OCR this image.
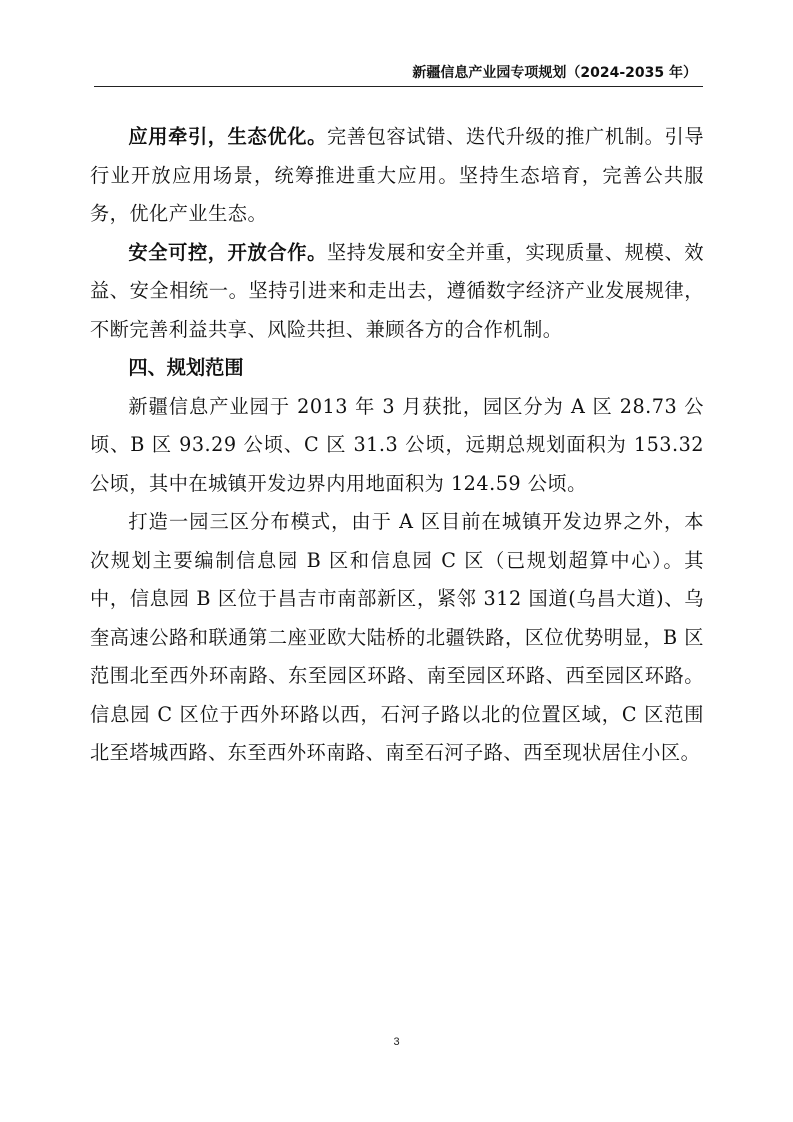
新疆信息产业园专项规划（2024-2035 年）

应用牵引，生态优化。完善包容试错、迭代升级的推广机制。引导行业开放应用场景，统筹推进重大应用。坚持生态培育，完善公共服务，优化产业生态。

安全可控，开放合作。坚持发展和安全并重，实现质量、规模、效益、安全相统一。坚持引进来和走出去，遵循数字经济产业发展规律，不断完善利益共享、风险共担、兼顾各方的合作机制。

四、规划范围

新疆信息产业园于 2013 年 3 月获批，园区分为 A 区 28.73 公顷、B 区 93.29 公顷、C 区 31.3 公顷，远期总规划面积为 153.32 公顷，其中在城镇开发边界内用地面积为 124.59 公顷。

打造一园三区分布模式，由于 A 区目前在城镇开发边界之外，本次规划主要编制信息园 B 区和信息园 C 区（已规划超算中心）。其中，信息园 B 区位于昌吉市南部新区，紧邻 312 国道(乌昌大道)、乌奎高速公路和联通第二座亚欧大陆桥的北疆铁路，区位优势明显，B 区范围北至西外环南路、东至园区环路、南至园区环路、西至园区环路。信息园 C 区位于西外环路以西，石河子路以北的位置区域，C 区范围北至塔城西路、东至西外环南路、南至石河子路、西至现状居住小区。

3
